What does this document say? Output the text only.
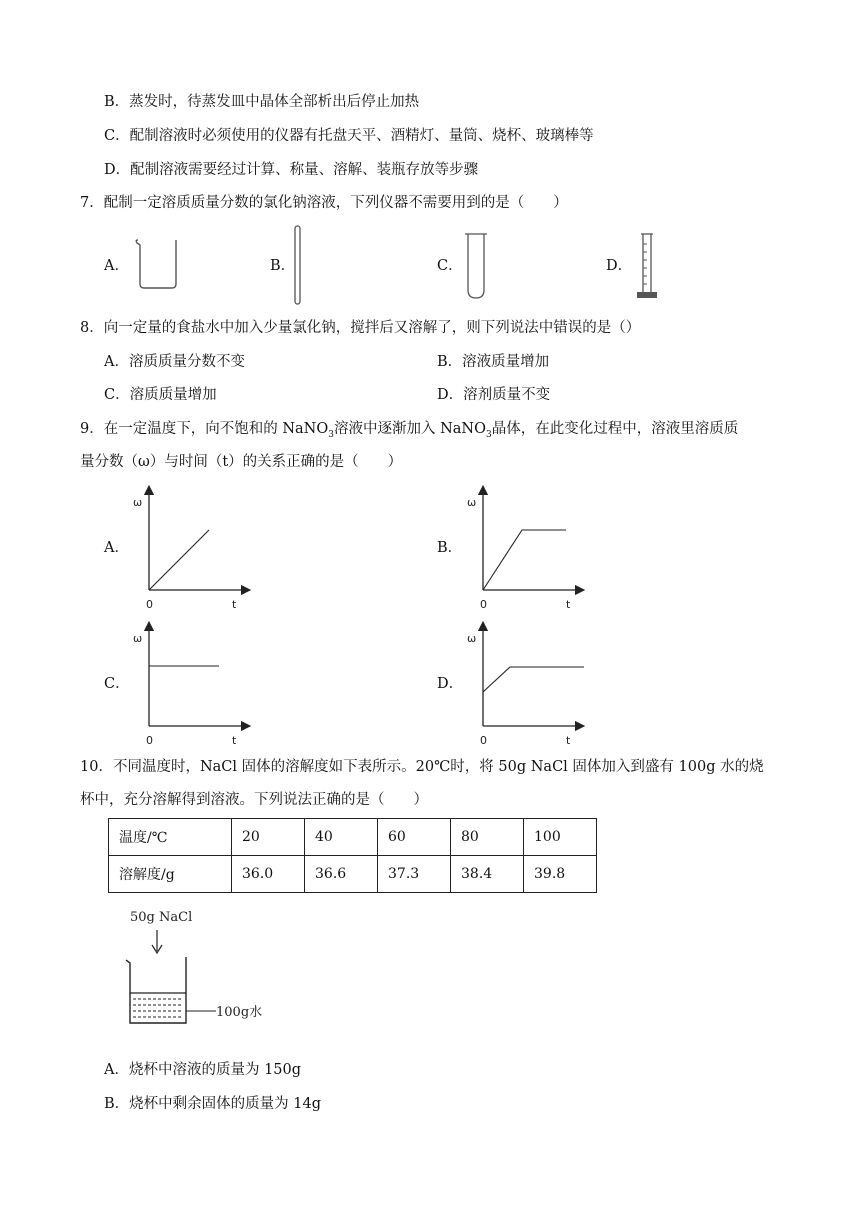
B．蒸发时，待蒸发皿中晶体全部析出后停止加热
C．配制溶液时必须使用的仪器有托盘天平、酒精灯、量筒、烧杯、玻璃棒等
D．配制溶液需要经过计算、称量、溶解、装瓶存放等步骤
7．配制一定溶质质量分数的氯化钠溶液，下列仪器不需要用到的是（　　）
A．	B．	C．	D．
8．向一定量的食盐水中加入少量氯化钠，搅拌后又溶解了，则下列说法中错误的是（）
A．溶质质量分数不变	B．溶液质量增加
C．溶质质量增加	D．溶剂质量不变
9．在一定温度下，向不饱和的 NaNO$_3$溶液中逐渐加入 NaNO$_3$晶体，在此变化过程中，溶液里溶质质
量分数（ω）与时间（t）的关系正确的是（　　）
A．
ω
t
0
B．
ω
t
0
C．
ω
t
0
D．
ω
t
0
10．不同温度时，NaCl 固体的溶解度如下表所示。20℃时，将 50g NaCl 固体加入到盛有 100g 水的烧
杯中，充分溶解得到溶液。下列说法正确的是（　　）
温度/℃	20	40	60	80	100
溶解度/g	36.0	36.6	37.3	38.4	39.8
50g NaCl
100g水
A．烧杯中溶液的质量为 150g
B．烧杯中剩余固体的质量为 14g
